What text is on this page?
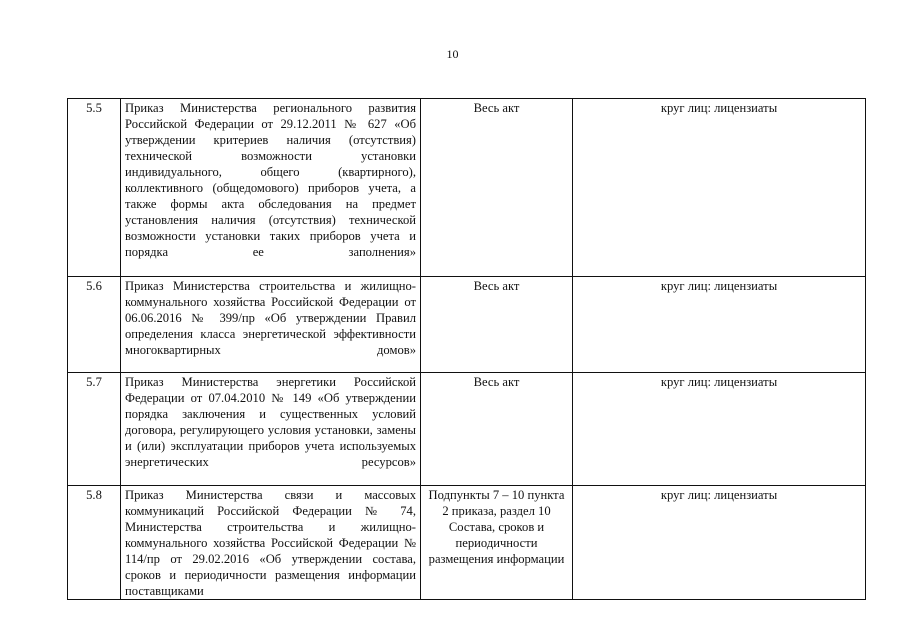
10
5.5	Приказ Министерства регионального развития Российской Федерации от 29.12.2011 № 627 «Об утверждении критериев наличия (отсутствия) технической возможности установки индивидуального, общего (квартирного), коллективного (общедомового) приборов учета, а также формы акта обследования на предмет установления наличия (отсутствия) технической возможности установки таких приборов учета и порядка ее заполнения»	Весь акт	круг лиц: лицензиаты
5.6	Приказ Министерства строительства и жилищно-коммунального хозяйства Российской Федерации от 06.06.2016 № 399/пр «Об утверждении Правил определения класса энергетической эффективности многоквартирных домов»	Весь акт	круг лиц: лицензиаты
5.7	Приказ Министерства энергетики Российской Федерации от 07.04.2010 № 149 «Об утверждении порядка заключения и существенных условий договора, регулирующего условия установки, замены и (или) эксплуатации приборов учета используемых энергетических ресурсов»	Весь акт	круг лиц: лицензиаты
5.8	Приказ Министерства связи и массовых коммуникаций Российской Федерации № 74, Министерства строительства и жилищно-коммунального хозяйства Российской Федерации № 114/пр от 29.02.2016 «Об утверждении состава, сроков и периодичности размещения информации поставщиками	Подпункты 7 – 10 пункта 2 приказа, раздел 10 Состава, сроков и периодичности размещения информации	круг лиц: лицензиаты
